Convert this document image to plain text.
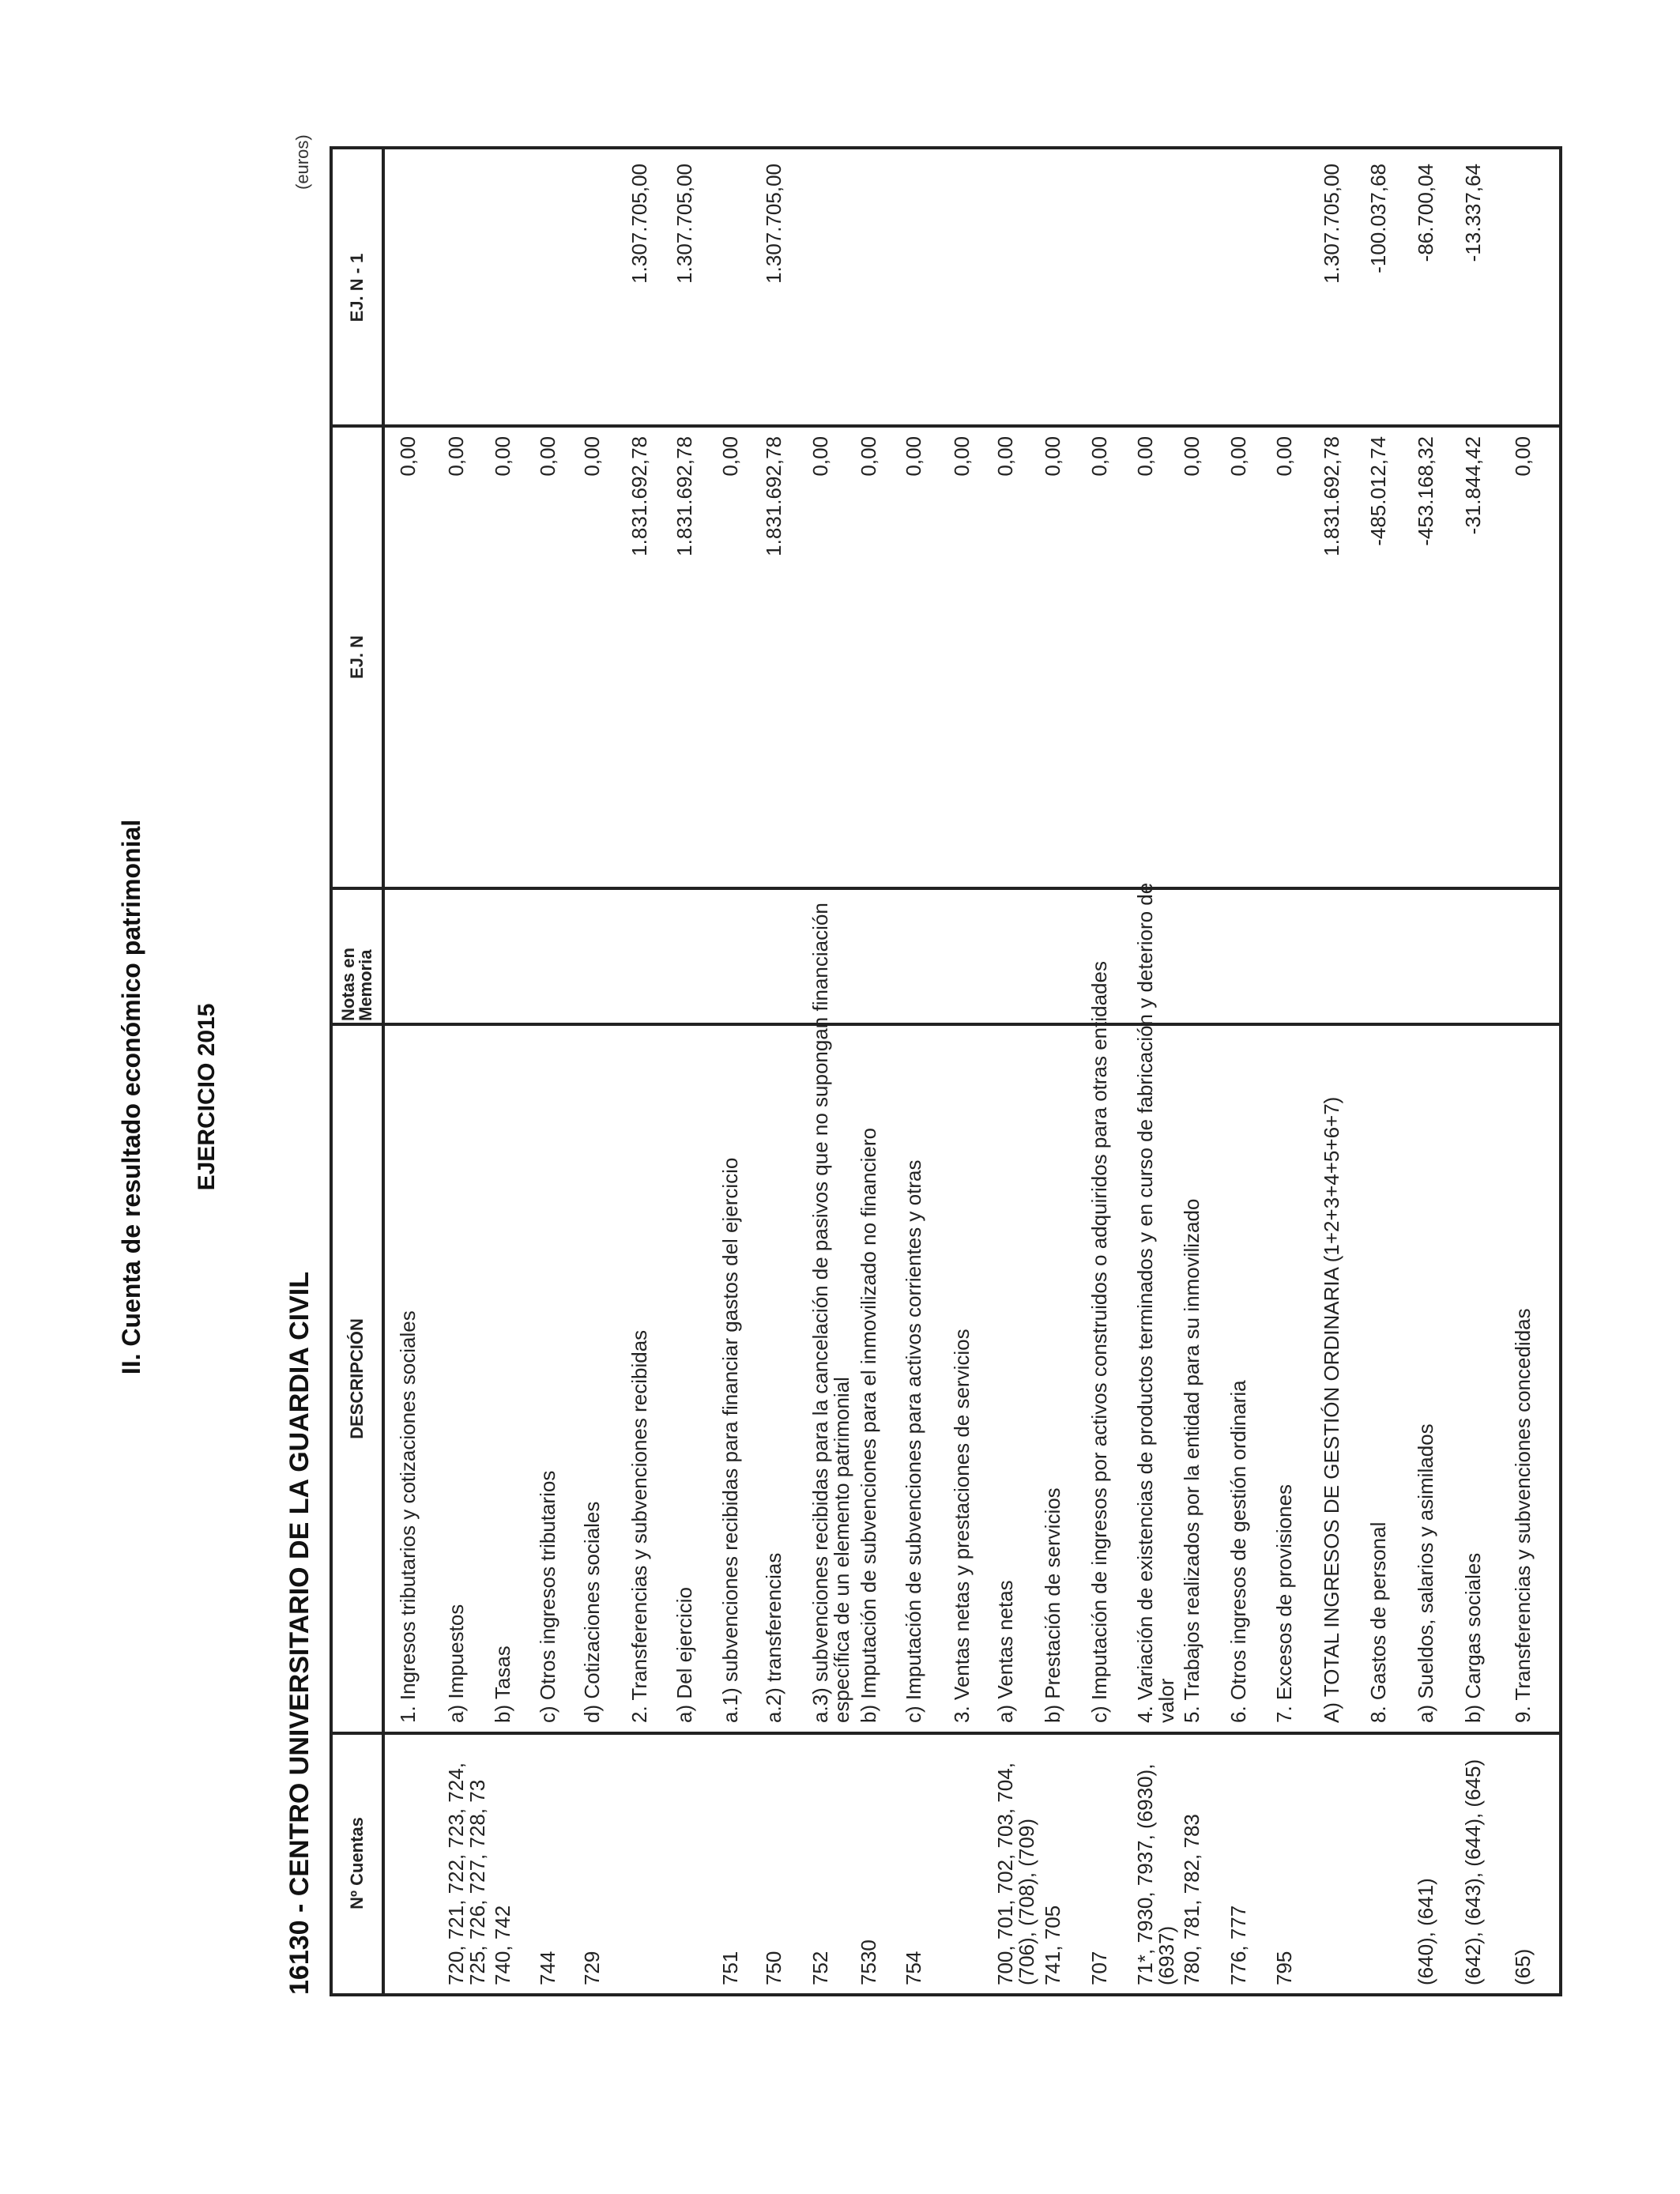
II. Cuenta de resultado económico patrimonial EJERCICIO 2015
16130 - CENTRO UNIVERSITARIO DE LA GUARDIA CIVIL
(euros)
Nº Cuentas
DESCRIPCIÓN
Notas en Memoria
EJ. N
EJ. N - 1
1. Ingresos tributarios y cotizaciones sociales
0,00
720, 721, 722, 723, 724, 725, 726, 727, 728, 73
a) Impuestos
0,00
740, 742
b) Tasas
0,00
744
c) Otros ingresos tributarios
0,00
729
d) Cotizaciones sociales
0,00
2. Transferencias y subvenciones recibidas
1.831.692,78
1.307.705,00
a) Del ejercicio
1.831.692,78
1.307.705,00
751
a.1) subvenciones recibidas para financiar gastos del ejercicio
0,00
750
a.2) transferencias
1.831.692,78
1.307.705,00
752
a.3) subvenciones recibidas para la cancelación de pasivos que no supongan financiación específica de un elemento patrimonial
0,00
7530
b) Imputación de subvenciones para el inmovilizado no financiero
0,00
754
c) Imputación de subvenciones para activos corrientes y otras
0,00
3. Ventas netas y prestaciones de servicios
0,00
700, 701, 702, 703, 704, (706), (708), (709)
a) Ventas netas
0,00
741, 705
b) Prestación de servicios
0,00
707
c) Imputación de ingresos por activos construidos o adquiridos para otras entidades
0,00
71*, 7930, 7937, (6930), (6937)
4. Variación de existencias de productos terminados y en curso de fabricación y deterioro de valor
0,00
780, 781, 782, 783
5. Trabajos realizados por la entidad para su inmovilizado
0,00
776, 777
6. Otros ingresos de gestión ordinaria
0,00
795
7. Excesos de provisiones
0,00
A) TOTAL INGRESOS DE GESTIÓN ORDINARIA (1+2+3+4+5+6+7)
1.831.692,78
1.307.705,00
8. Gastos de personal
-485.012,74
-100.037,68
(640), (641)
a) Sueldos, salarios y asimilados
-453.168,32
-86.700,04
(642), (643), (644), (645)
b) Cargas sociales
-31.844,42
-13.337,64
(65)
9. Transferencias y subvenciones concedidas
0,00
